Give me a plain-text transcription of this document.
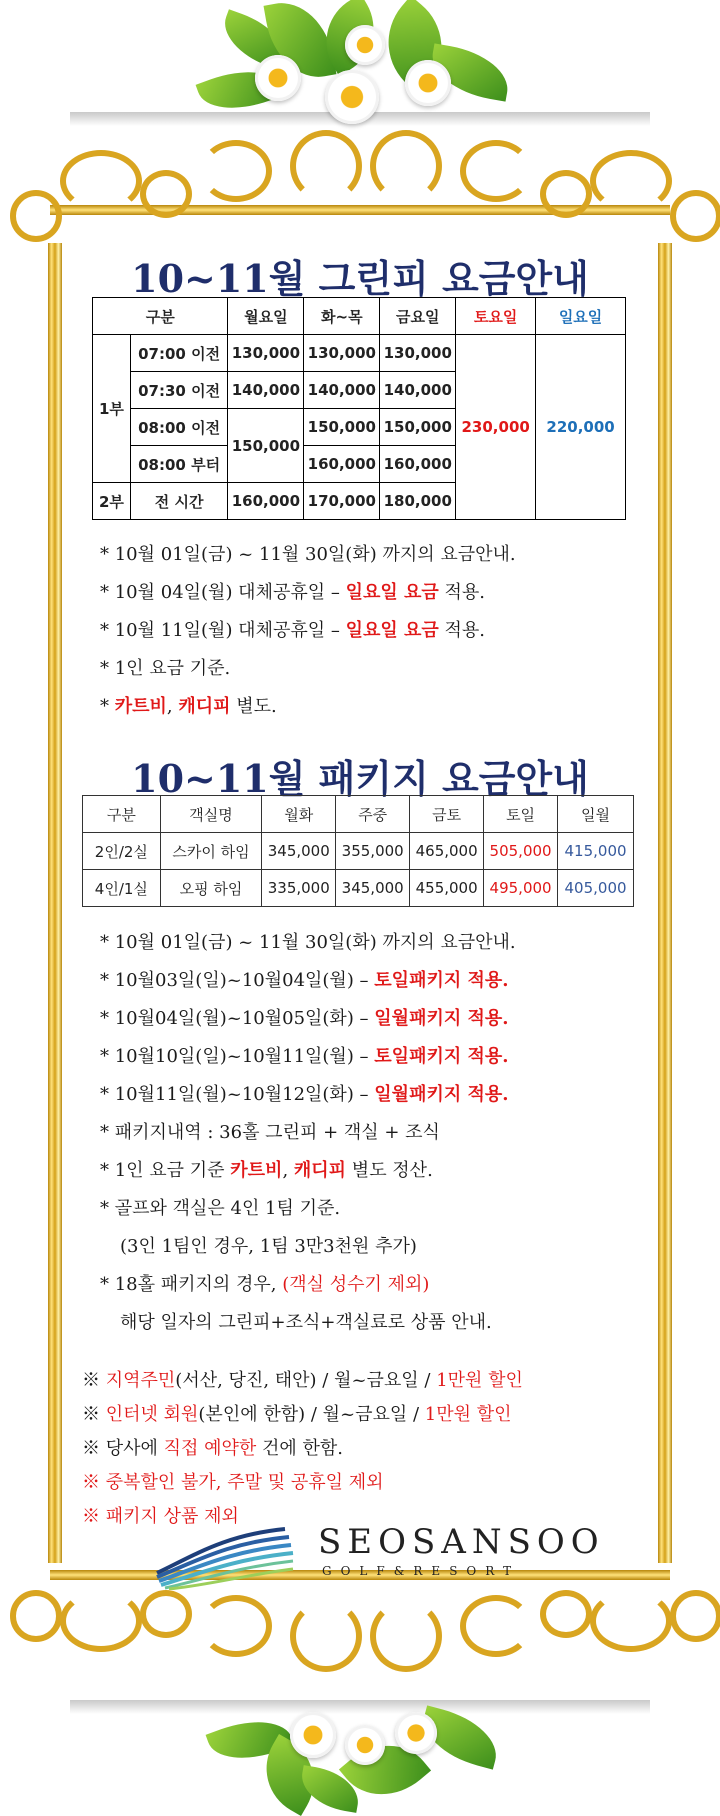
10~11월 그린피 요금안내
구분		월요일	화~목	금요일	토요일	일요일
1부	07:00 이전	130,000	130,000	130,000	230,000	220,000
	07:30 이전	140,000	140,000	140,000		
	08:00 이전	150,000	150,000	150,000		
	08:00 부터		160,000	160,000		
2부	전 시간	160,000	170,000	180,000		
* 10월 01일(금) ~ 11월 30일(화) 까지의 요금안내.
* 10월 04일(월) 대체공휴일 – 일요일 요금 적용.
* 10월 11일(월) 대체공휴일 – 일요일 요금 적용.
* 1인 요금 기준.
* 카트비, 캐디피 별도.
10~11월 패키지 요금안내
구분	객실명	월화	주중	금토	토일	일월
2인/2실	스카이 하임	345,000	355,000	465,000	505,000	415,000
4인/1실	오핑 하임	335,000	345,000	455,000	495,000	405,000
* 10월 01일(금) ~ 11월 30일(화) 까지의 요금안내.
* 10월03일(일)~10월04일(월) – 토일패키지 적용.
* 10월04일(월)~10월05일(화) – 일월패키지 적용.
* 10월10일(일)~10월11일(월) – 토일패키지 적용.
* 10월11일(월)~10월12일(화) – 일월패키지 적용.
* 패키지내역 : 36홀 그린피 + 객실 + 조식
* 1인 요금 기준 카트비, 캐디피 별도 정산.
* 골프와 객실은 4인 1팀 기준.
(3인 1팀인 경우, 1팀 3만3천원 추가)
* 18홀 패키지의 경우, (객실 성수기 제외)
해당 일자의 그린피+조식+객실료로 상품 안내.
※ 지역주민(서산, 당진, 태안) / 월~금요일 / 1만원 할인
※ 인터넷 회원(본인에 한함) / 월~금요일 / 1만원 할인
※ 당사에 직접 예약한 건에 한함.
※ 중복할인 불가, 주말 및 공휴일 제외
※ 패키지 상품 제외
SEOSANSOO
GOLF&RESORT
